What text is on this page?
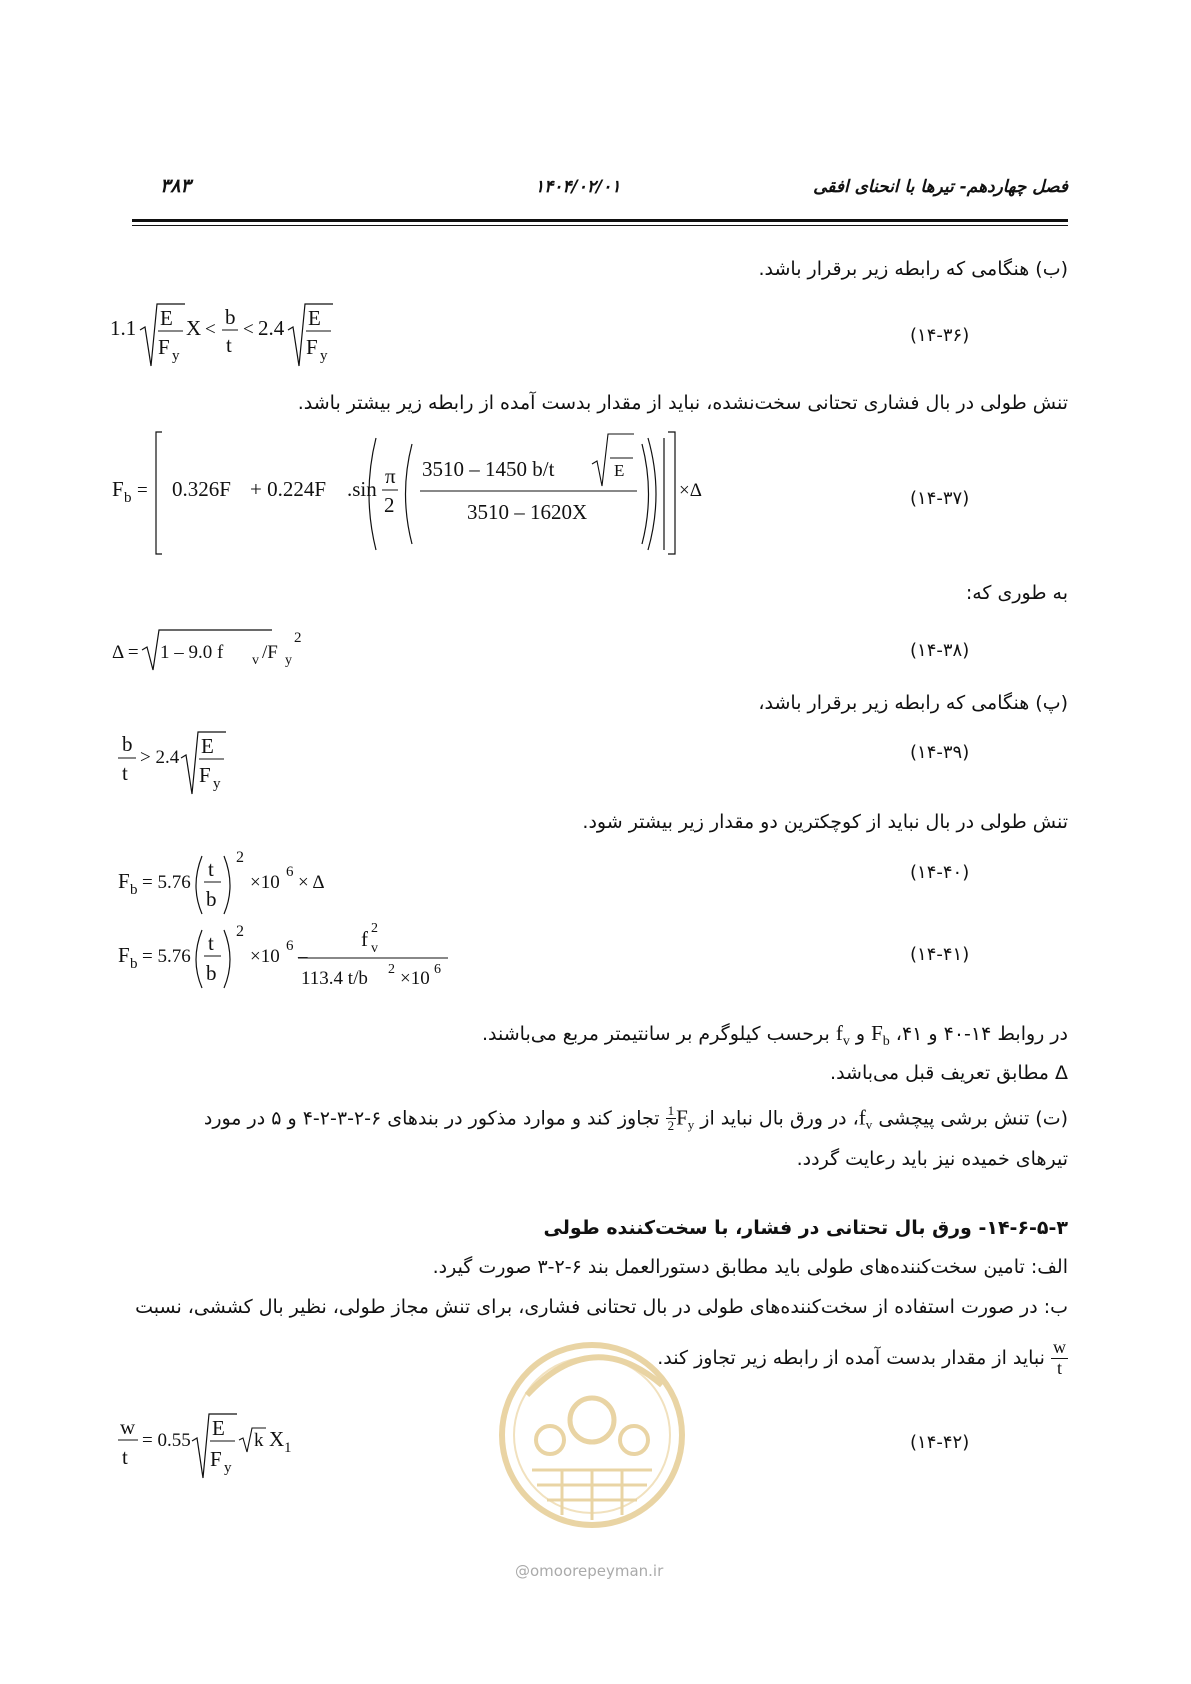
فصل چهاردهم- تیرها با انحنای افقی
۱۴۰۴/۰۲/۰۱
۳۸۳
(ب) هنگامی که رابطه زیر برقرار باشد.
1.1 E
F y
X <
b
t
< 2.4 E
F y
(۱۴-۳۶)
تنش طولی در بال فشاری تحتانی سخت‌نشده، نباید از مقدار بدست آمده از رابطه زیر بیشتر باشد.
F b = 0.326F + 0.224F .sin
π
2
3510 – 1450 b/t	E
3510 – 1620X
×Δ	(۱۴-۳۷)
به طوری که:
Δ = 1 – 9.0 f v /F y
2
(۱۴-۳۸)
(پ) هنگامی که رابطه زیر برقرار باشد،
b
t
> 2.4 E
F y
(۱۴-۳۹)
تنش طولی در بال نباید از کوچکترین دو مقدار زیر بیشتر شود.
F b = 5.76
t
b
2
×10 6 × Δ	(۱۴-۴۰)
F b = 5.76
t
b
2
×10 6 –
f v
2
113.4 t/b 2 ×10 6
(۱۴-۴۱)
در روابط ۱۴-۴۰ و ۴۱، $F_b$ و $f_v$ برحسب کیلوگرم بر سانتیمتر مربع می‌باشند.
Δ مطابق تعریف قبل می‌باشد.
(ت) تنش برشی پیچشی $f_v،$ در ورق بال نباید از
$\frac{1}{2} F_y$ تجاوز کند و موارد مذکور در بندهای ۶-۲-۳-۲-۴ و ۵ در مورد
تیرهای خمیده نیز باید رعایت گردد.
۱۴-۶-۵-۳- ورق بال تحتانی در فشار، با سخت‌کننده طولی
الف: تامین سخت‌کننده‌های طولی باید مطابق دستورالعمل بند ۶-۲-۳ صورت گیرد.
ب: در صورت استفاده از سخت‌کننده‌های طولی در بال تحتانی فشاری، برای تنش مجاز طولی، نظیر بال کششی، نسبت
$\frac{w}{t}$
نباید از مقدار بدست آمده از رابطه زیر تجاوز کند.
w
t
= 0.55
E
F y
k X 1	(۱۴-۴۲)
@omoorepeyman.ir
